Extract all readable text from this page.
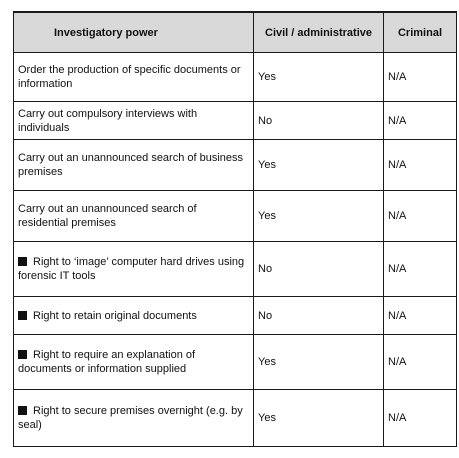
Investigatory power	Civil / administrative	Criminal
Order the production of specific documents or information	Yes	N/A
Carry out compulsory interviews with individuals	No	N/A
Carry out an unannounced search of business premises	Yes	N/A
Carry out an unannounced search of residential premises	Yes	N/A
Right to ‘image’ computer hard drives using forensic IT tools	No	N/A
Right to retain original documents	No	N/A
Right to require an explanation of documents or information supplied	Yes	N/A
Right to secure premises overnight (e.g. by seal)	Yes	N/A
